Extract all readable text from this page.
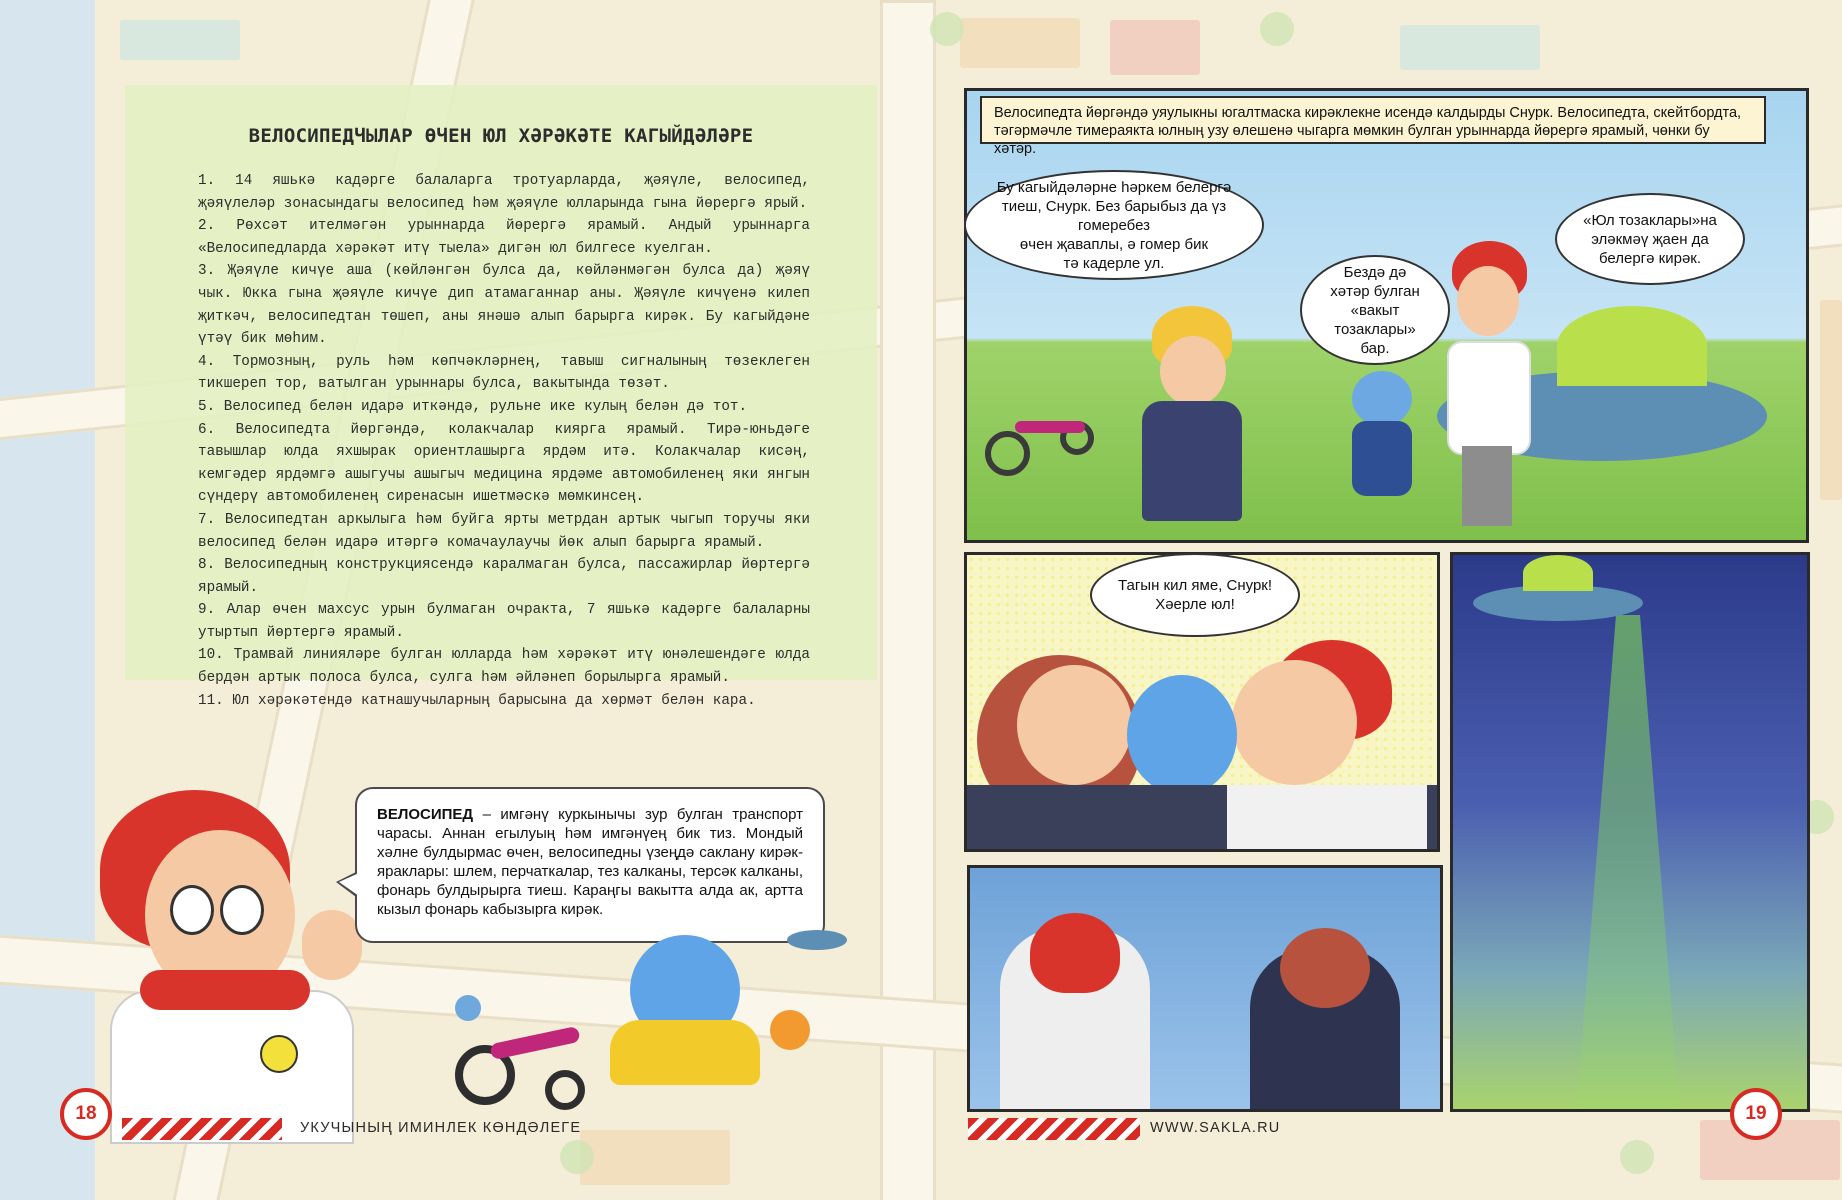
ВЕЛОСИПЕДЧЫЛАР ӨЧЕН ЮЛ ХӘРӘКӘТЕ КАГЫЙДӘЛӘРЕ

1. 14 яшькә кадәрге балаларга тротуарларда, җәяүле, велосипед, җәяүлеләр зонасындагы велосипед һәм җәяүле юлларында гына йөрергә ярый.

2. Рөхсәт ителмәгән урыннарда йөрергә ярамый. Андый урыннарга «Велосипедларда хәрәкәт итү тыела» дигән юл билгесе куелган.

3. Җәяүле кичүе аша (көйләнгән булса да, көйләнмәгән булса да) җәяү чык. Юкка гына җәяүле кичүе дип атамаганнар аны. Җәяүле кичүенә килеп җиткәч, велосипедтан төшеп, аны янәшә алып барырга кирәк. Бу кагыйдәне үтәү бик мөһим.

4. Тормозның, руль һәм көпчәкләрнең, тавыш сигналының төзеклеген тикшереп тор, ватылган урыннары булса, вакытында төзәт.

5. Велосипед белән идарә иткәндә, рульне ике кулың белән дә тот.

6. Велосипедта йөргәндә, колакчалар киярга ярамый. Тирә-юньдәге тавышлар юлда яхшырак ориентлашырга ярдәм итә. Колакчалар кисәң, кемгәдер ярдәмгә ашыгучы ашыгыч медицина ярдәме автомобиленең яки янгын сүндерү автомобиленең сиренасын ишетмәскә мөмкинсең.

7. Велосипедтан аркылыга һәм буйга ярты метрдан артык чыгып торучы яки велосипед белән идарә итәргә комачаулаучы йөк алып барырга ярамый.

8. Велосипедның конструкциясендә каралмаган булса, пассажирлар йөртергә ярамый.

9. Алар өчен махсус урын булмаган очракта, 7 яшькә кадәрге балаларны утыртып йөртергә ярамый.

10. Трамвай линияләре булган юлларда һәм хәрәкәт итү юнәлешендәге юлда бердән артык полоса булса, сулга һәм әйләнеп борылырга ярамый.

11. Юл хәрәкәтендә катнашучыларның барысына да хөрмәт белән кара.

ВЕЛОСИПЕД – имгәнү куркынычы зур булган транспорт чарасы. Аннан егылуың һәм имгәнүең бик тиз. Мондый хәлне булдырмас өчен, велосипедны үзеңдә саклану кирәк-яраклары: шлем, перчаткалар, тез калканы, терсәк калканы, фонарь булдырырга тиеш. Караңгы вакытта алда ак, арттa кызыл фонарь кабызырга кирәк.
Велосипедта йөргәндә уяулыкны югалтмаска кирәклекне исендә калдырды Снурк. Велосипедта, скейтбордта, тәгәрмәчле тимераякта юлның узу өлешенә чыгарга мөмкин булган урыннарда йөрергә ярамый, чөнки бу хәтәр.
Бу кагыйдәләрне һәркем белергә
тиеш, Снурк. Без барыбыз да үз гомеребез
өчен җаваплы, ә гомер бик
тә кадерле ул.
Бездә дә
хәтәр булган
«вакыт тозаклары»
бар.
«Юл тозаклары»на
эләкмәү җаен да
белергә кирәк.
Тагын кил яме, Снурк!
Хәерле юл!
18
УКУЧЫНЫҢ ИМИНЛЕК КӨНДӘЛЕГЕ	WWW.SAKLA.RU
19
